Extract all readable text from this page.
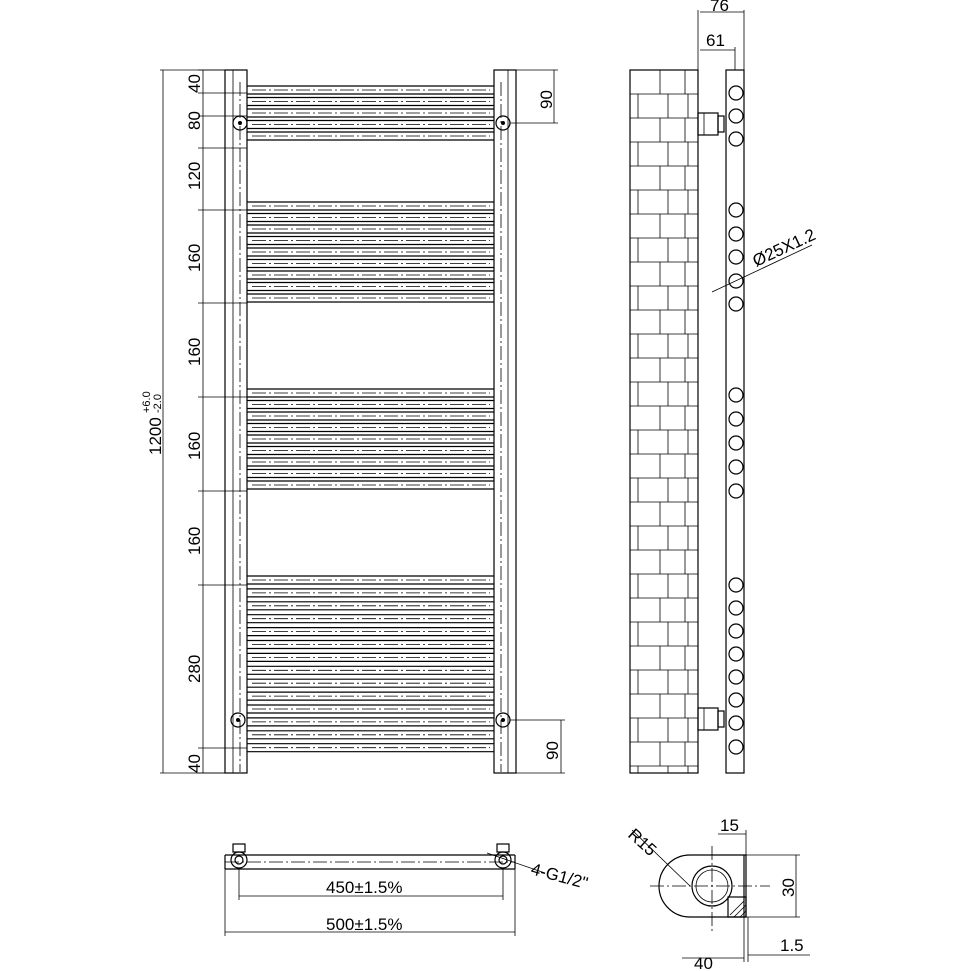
1200
+6.0 -2.0
40
80
120
160
160
160
160
280
40
90
90
76
61
Ø25X1.2
4-G1/2"
450±1.5%
500±1.5%
R15	15
30
1.5
40
